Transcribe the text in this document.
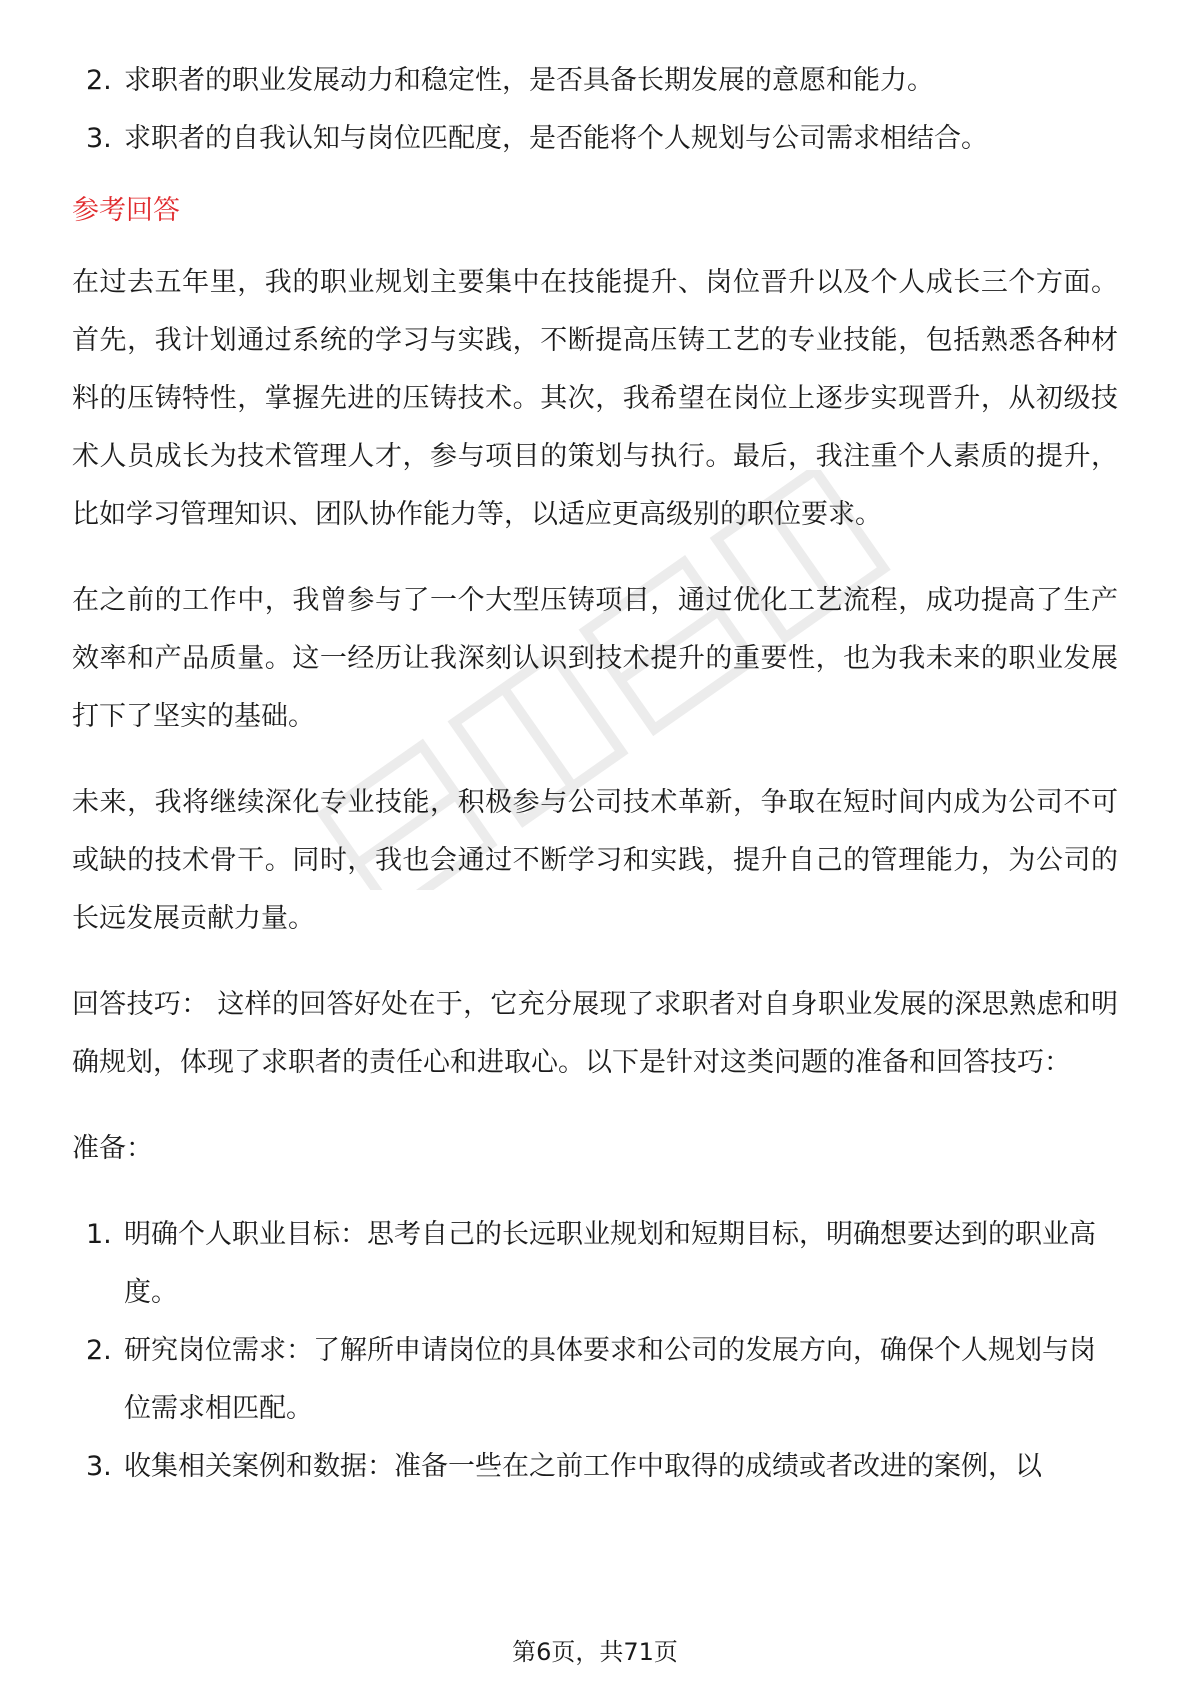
2. 求职者的职业发展动力和稳定性，是否具备长期发展的意愿和能力。
3. 求职者的自我认知与岗位匹配度，是否能将个人规划与公司需求相结合。
参考回答

在过去五年里，我的职业规划主要集中在技能提升、岗位晋升以及个人成长三个方面。首先，我计划通过系统的学习与实践，不断提高压铸工艺的专业技能，包括熟悉各种材料的压铸特性，掌握先进的压铸技术。其次，我希望在岗位上逐步实现晋升，从初级技术人员成长为技术管理人才，参与项目的策划与执行。最后，我注重个人素质的提升，比如学习管理知识、团队协作能力等，以适应更高级别的职位要求。

在之前的工作中，我曾参与了一个大型压铸项目，通过优化工艺流程，成功提高了生产效率和产品质量。这一经历让我深刻认识到技术提升的重要性，也为我未来的职业发展打下了坚实的基础。

未来，我将继续深化专业技能，积极参与公司技术革新，争取在短时间内成为公司不可或缺的技术骨干。同时，我也会通过不断学习和实践，提升自己的管理能力，为公司的长远发展贡献力量。

回答技巧： 这样的回答好处在于，它充分展现了求职者对自身职业发展的深思熟虑和明确规划，体现了求职者的责任心和进取心。以下是针对这类问题的准备和回答技巧：

准备：

1. 明确个人职业目标：思考自己的长远职业规划和短期目标，明确想要达到的职业高度。
2. 研究岗位需求：了解所申请岗位的具体要求和公司的发展方向，确保个人规划与岗位需求相匹配。
3. 收集相关案例和数据：准备一些在之前工作中取得的成绩或者改进的案例，以
第6页，共71页
